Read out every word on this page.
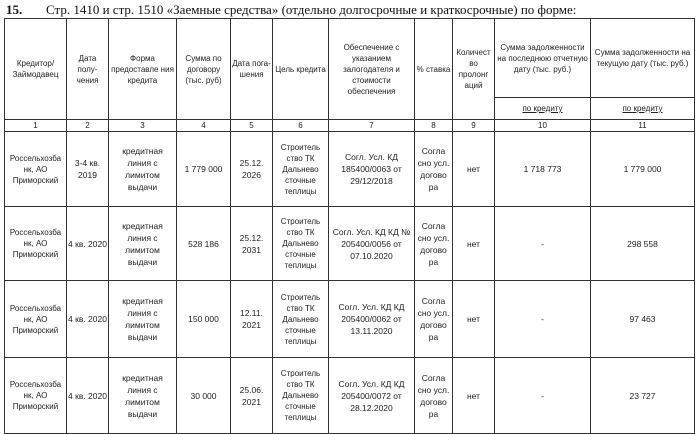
15. Стр. 1410 и стр. 1510 «Заемные средства» (отдельно долгосрочные и краткосрочные) по форме:
Кредитор/ Займодавец	Дата полу- чения	Форма предоставле ния кредита	Сумма по договору (тыс. руб)	Дата пога- шения	Цель кредита	Обеспечение с указанием залогодателя и стоимости обеспечения	% ставка	Количест во пролонг аций	Сумма задолженности на последнюю отчетную дату (тыс. руб.)	Сумма задолженности на текущую дату (тыс. руб.)
									по кредиту	по кредиту
1	2	3	4	5	6	7	8	9	10	11
Россельхозба нк, АО Приморский	3-4 кв. 2019	кредитная линия с лимитом выдачи	1 779 000	25.12. 2026	Строитель ство ТК Дальнево сточные теплицы	Согл. Усл. КД 185400/0063 от 29/12/2018	Согла сно усл. догово ра	нет	1 718 773	1 779 000
Россельхозба нк, АО Приморский	4 кв. 2020	кредитная линия с лимитом выдачи	528 186	25.12. 2031	Строитель ство ТК Дальнево сточные теплицы	Согл. Усл. КД КД № 205400/0056 от 07.10.2020	Согла сно усл. догово ра	нет	-	298 558
Россельхозба нк, АО Приморский	4 кв. 2020	кредитная линия с лимитом выдачи	150 000	12.11. 2021	Строитель ство ТК Дальнево сточные теплицы	Согл. Усл. КД КД 205400/0062 от 13.11.2020	Согла сно усл. догово ра	нет	-	97 463
Россельхозба нк, АО Приморский	4 кв. 2020	кредитная линия с лимитом выдачи	30 000	25.06. 2021	Строитель ство ТК Дальнево сточные теплицы	Согл. Усл. КД КД 205400/0072 от 28.12.2020	Согла сно усл. догово ра	нет	-	23 727
